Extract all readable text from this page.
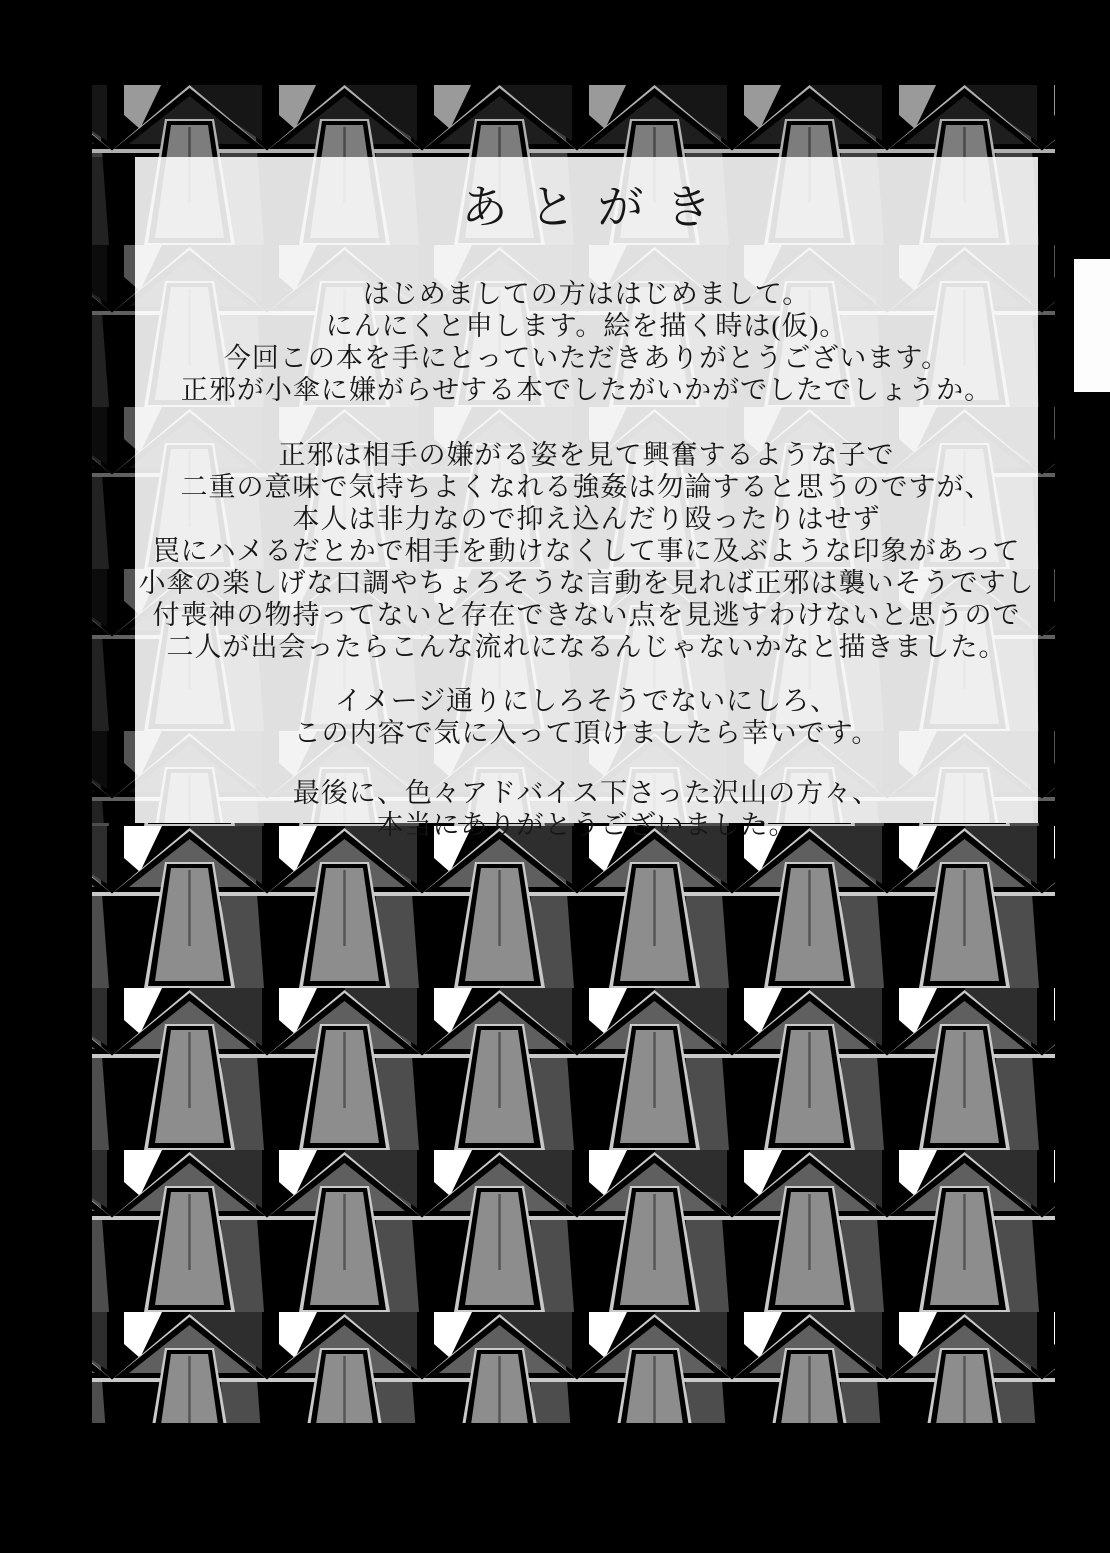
あとがき
はじめましての方ははじめまして。
にんにくと申します。絵を描く時は(仮)。
今回この本を手にとっていただきありがとうございます。
正邪が小傘に嫌がらせする本でしたがいかがでしたでしょうか。
正邪は相手の嫌がる姿を見て興奮するような子で
二重の意味で気持ちよくなれる強姦は勿論すると思うのですが、
本人は非力なので抑え込んだり殴ったりはせず
罠にハメるだとかで相手を動けなくして事に及ぶような印象があって
小傘の楽しげな口調やちょろそうな言動を見れば正邪は襲いそうですし
付喪神の物持ってないと存在できない点を見逃すわけないと思うので
二人が出会ったらこんな流れになるんじゃないかなと描きました。
イメージ通りにしろそうでないにしろ、
この内容で気に入って頂けましたら幸いです。
最後に、色々アドバイス下さった沢山の方々、
本当にありがとうございました。
